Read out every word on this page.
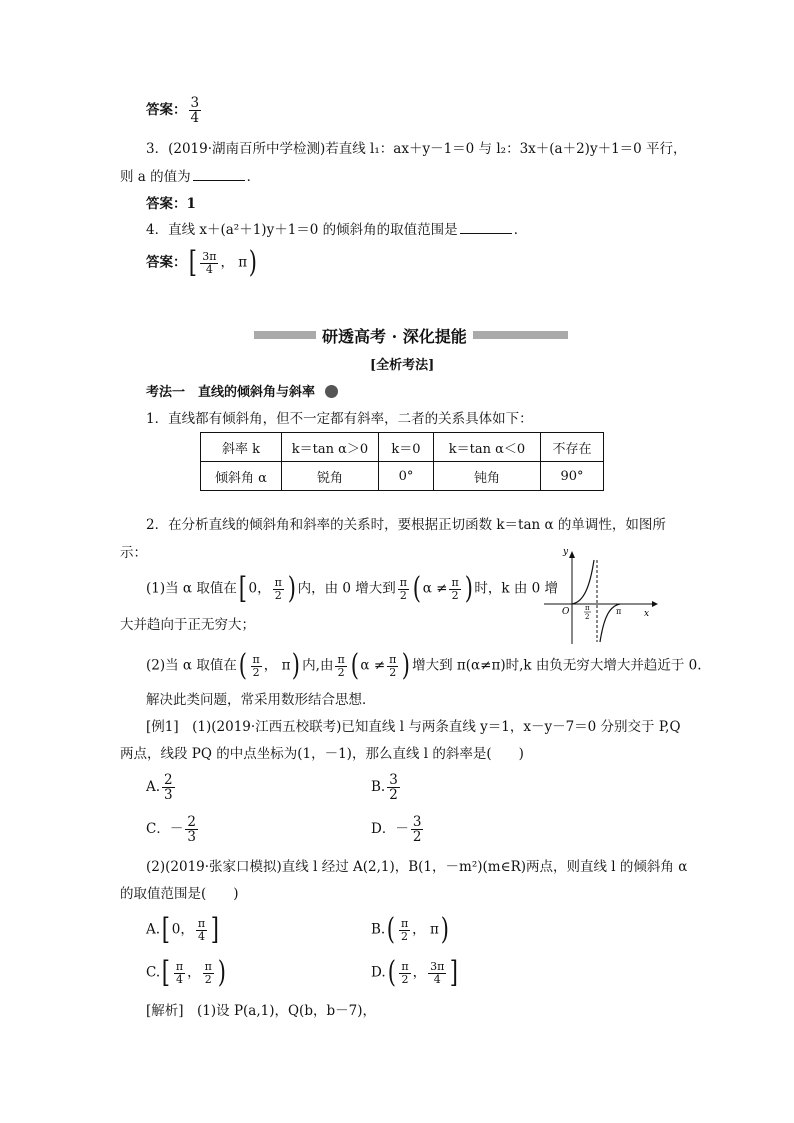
答案： $\frac{3}{4}$
3．(2019·湖南百所中学检测)若直线 l₁：ax＋y－1＝0 与 l₂：3x＋(a＋2)y＋1＝0 平行，
则 a 的值为	．
答案：1
4．直线 x＋(a²＋1)y＋1＝0 的倾斜角的取值范围是	．
答案：[ $\frac{3\pi}{4}$ ， π)
研透高考 · 深化提能
[全析考法]
考法一　直线的倾斜角与斜率
1．直线都有倾斜角，但不一定都有斜率，二者的关系具体如下：
斜率 k	k＝tan α＞0	k＝0	k＝tan α＜0	不存在
倾斜角 α	锐角	0°	钝角	90°
2．在分析直线的倾斜角和斜率的关系时，要根据正切函数 k＝tan α 的单调性，如图所
示：
(1)当 α 取值在[ 0， $\frac{\pi}{2}$ ) 内，由 0 增大到 $\frac{\pi}{2}$ ( $\alpha \ne \frac{\pi}{2}$ ) 时，k 由 0 增
大并趋向于正无穷大；
y
x
O	π
π
2
(2)当 α 取值在( $\frac{\pi}{2}$ ， π) 内,由 $\frac{\pi}{2}$ ( $\alpha \ne \frac{\pi}{2}$ ) 增大到 π(α≠π)时,k 由负无穷大增大并趋近于 0.
解决此类问题，常采用数形结合思想．
[例1]　(1)(2019·江西五校联考)已知直线 l 与两条直线 y＝1，x－y－7＝0 分别交于 P,Q
两点，线段 PQ 的中点坐标为(1，－1)，那么直线 l 的斜率是(　　)
A. $\frac{2}{3}$	B. $\frac{3}{2}$
C．－ $\frac{2}{3}$	D．－ $\frac{3}{2}$
(2)(2019·张家口模拟)直线 l 经过 A(2,1)，B(1，－m²)(m∈R)两点，则直线 l 的倾斜角 α
的取值范围是(　　)
A.[ 0， $\frac{\pi}{4}$ ]	$B.( \frac{\pi}{2}$ ， π)
$C.[ \frac{\pi}{4}$ ， $\frac{\pi}{2}$ )	$D.( \frac{\pi}{2}$ ， $\frac{3\pi}{4}$ ]
[解析]　(1)设 P(a,1)，Q(b，b－7)，
